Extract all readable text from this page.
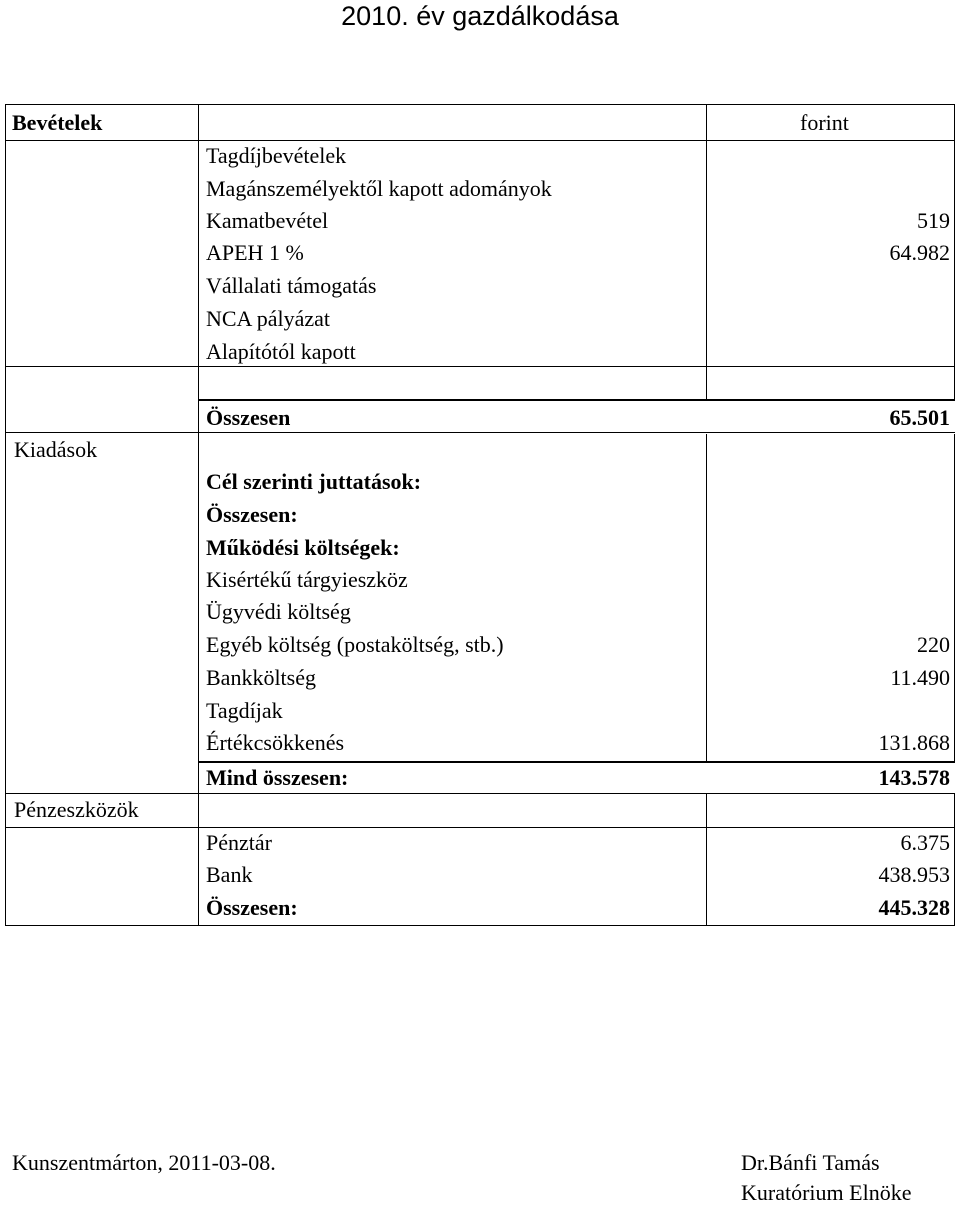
2010. év gazdálkodása
Bevételek	forint
Tagdíjbevételek
Magánszemélyektől kapott adományok
Kamatbevétel	519
APEH 1 %	64.982
Vállalati támogatás
NCA pályázat
Alapítótól kapott
Összesen	65.501
Kiadások
Cél szerinti juttatások:
Összesen:
Működési költségek:
Kisértékű tárgyieszköz
Ügyvédi költség
Egyéb költség (postaköltség, stb.)	220
Bankköltség	11.490
Tagdíjak
Értékcsökkenés	131.868
Mind összesen:	143.578
Pénzeszközök
Pénztár	6.375
Bank	438.953
Összesen:	445.328
Kunszentmárton, 2011-03-08.	Dr.Bánfi Tamás
Kuratórium Elnöke
